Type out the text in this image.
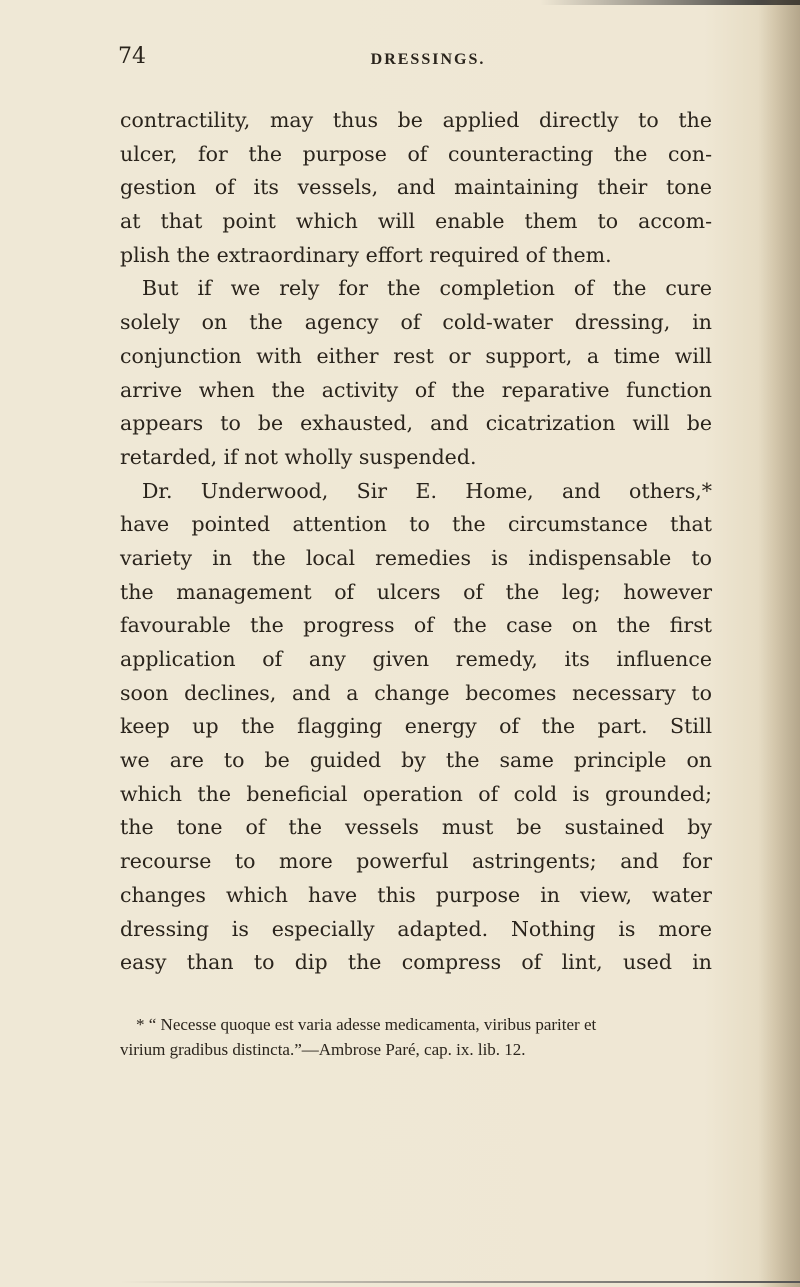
74	DRESSINGS.
contractility, may thus be applied directly to the
ulcer, for the purpose of counteracting the con-
gestion of its vessels, and maintaining their tone
at that point which will enable them to accom-
plish the extraordinary effort required of them.
But if we rely for the completion of the cure
solely on the agency of cold-water dressing, in
conjunction with either rest or support, a time will
arrive when the activity of the reparative function
appears to be exhausted, and cicatrization will be
retarded, if not wholly suspended.
Dr. Underwood, Sir E. Home, and others,*
have pointed attention to the circumstance that
variety in the local remedies is indispensable to
the management of ulcers of the leg; however
favourable the progress of the case on the first
application of any given remedy, its influence
soon declines, and a change becomes necessary to
keep up the flagging energy of the part. Still
we are to be guided by the same principle on
which the beneficial operation of cold is grounded;
the tone of the vessels must be sustained by
recourse to more powerful astringents; and for
changes which have this purpose in view, water
dressing is especially adapted. Nothing is more
easy than to dip the compress of lint, used in
* “ Necesse quoque est varia adesse medicamenta, viribus pariter et
virium gradibus distincta.”—Ambrose Paré, cap. ix. lib. 12.
